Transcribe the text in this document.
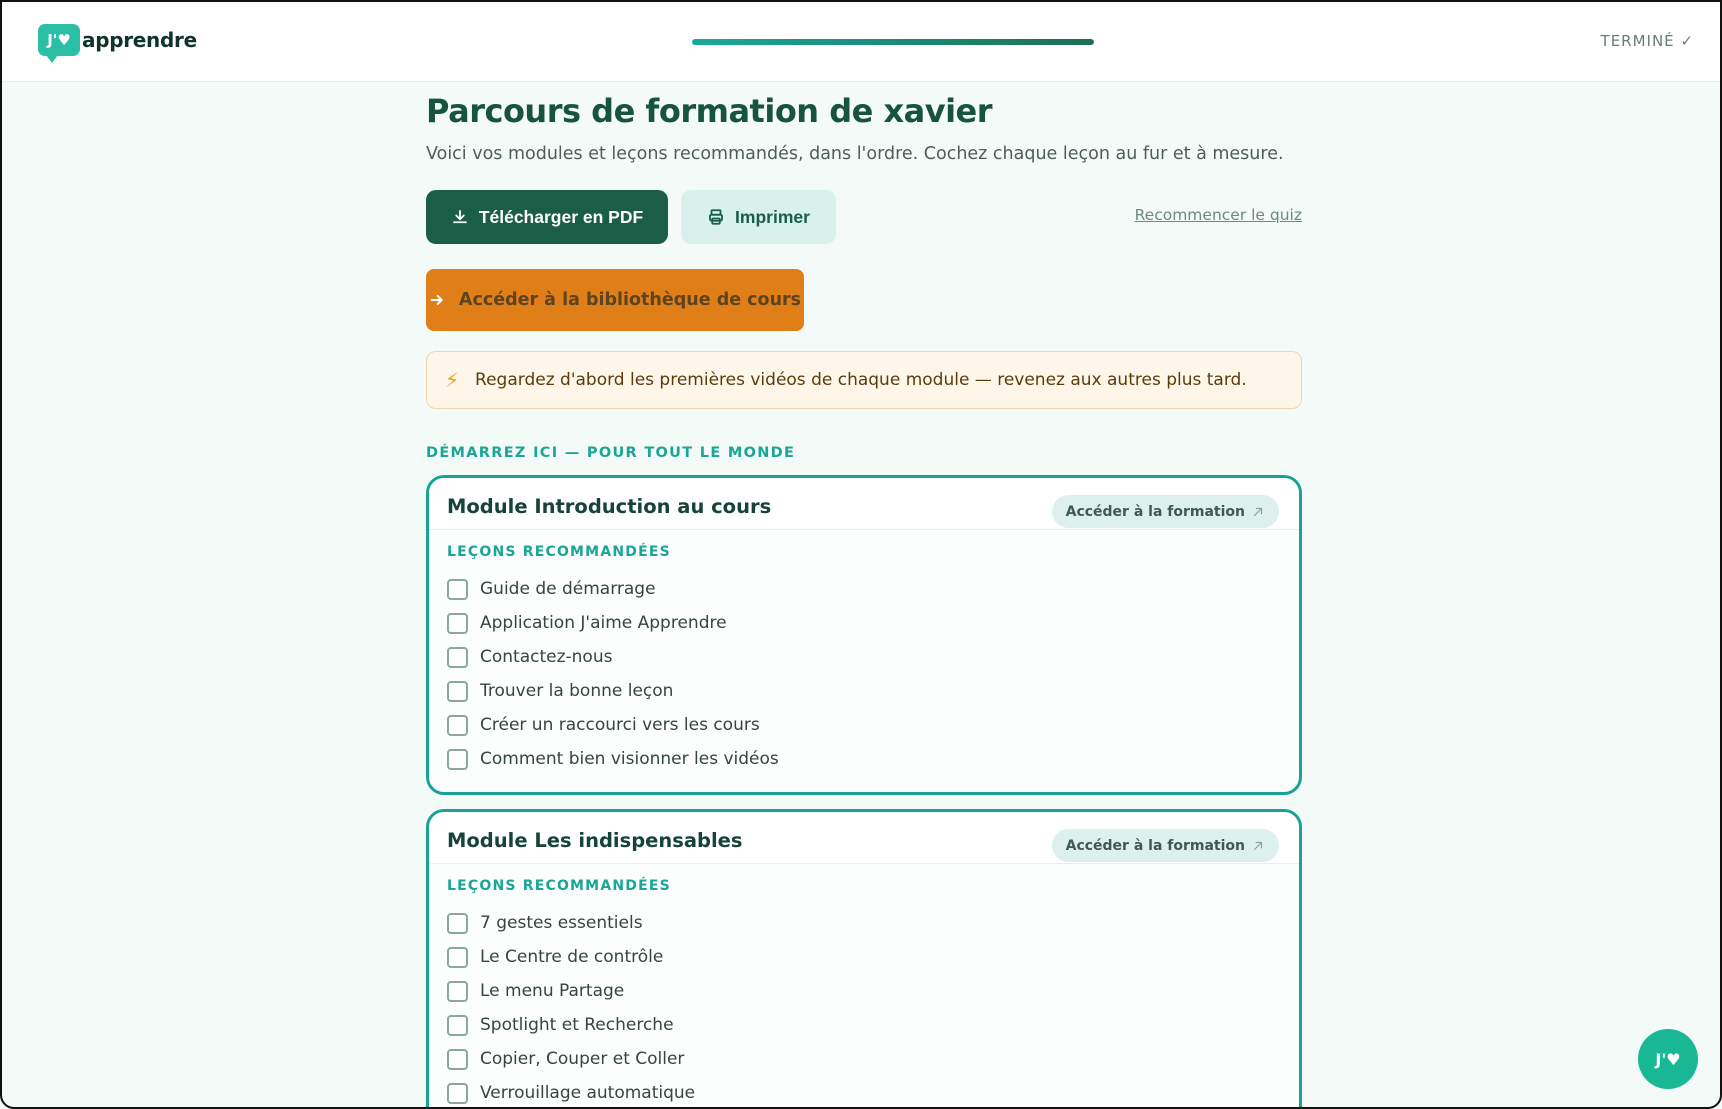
J'♥ apprendre	TERMINÉ ✓
Parcours de formation de xavier

Voici vos modules et leçons recommandés, dans l'ordre. Cochez chaque leçon au fur et à mesure.

Télécharger en PDF	Imprimer	Recommencer le quiz
Accéder à la bibliothèque de cours
⚡ Regardez d'abord les premières vidéos de chaque module — revenez aux autres plus tard.
DÉMARREZ ICI — POUR TOUT LE MONDE
Module Introduction au cours	Accéder à la formation
LEÇONS RECOMMANDÉES
Guide de démarrage
Application J'aime Apprendre
Contactez-nous
Trouver la bonne leçon
Créer un raccourci vers les cours
Comment bien visionner les vidéos
Module Les indispensables	Accéder à la formation
LEÇONS RECOMMANDÉES
7 gestes essentiels
Le Centre de contrôle
Le menu Partage
Spotlight et Recherche
Copier, Couper et Coller
Verrouillage automatique
J'♥
